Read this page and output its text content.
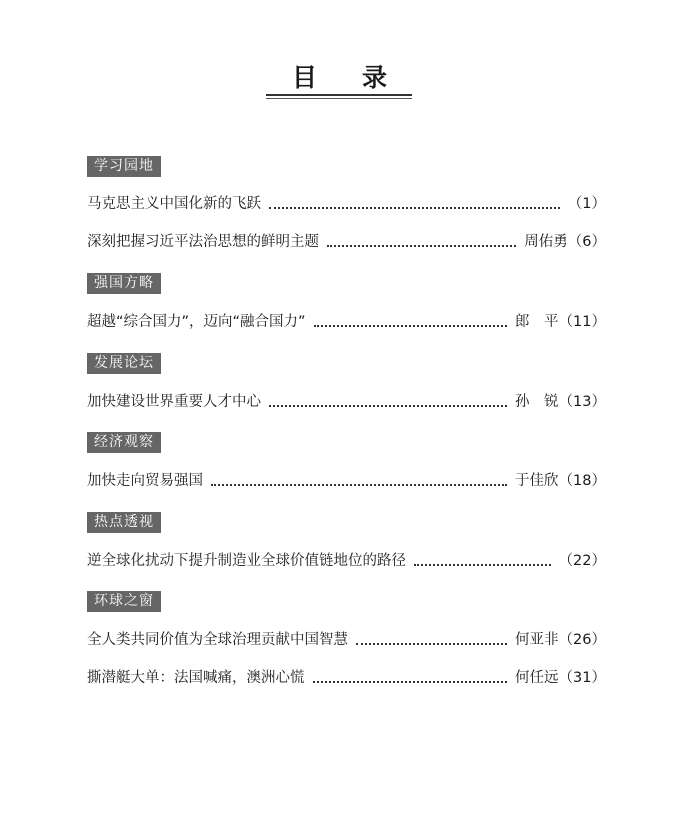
目 录
学习园地
马克思主义中国化新的飞跃	（1）
深刻把握习近平法治思想的鲜明主题	周佑勇 （6）
强国方略
超越“综合国力”，迈向“融合国力”	郎　平 （11）
发展论坛
加快建设世界重要人才中心	孙　锐 （13）
经济观察
加快走向贸易强国	于佳欣 （18）
热点透视
逆全球化扰动下提升制造业全球价值链地位的路径	（22）
环球之窗
全人类共同价值为全球治理贡献中国智慧	何亚非 （26）
撕潜艇大单：法国喊痛，澳洲心慌	何任远 （31）
